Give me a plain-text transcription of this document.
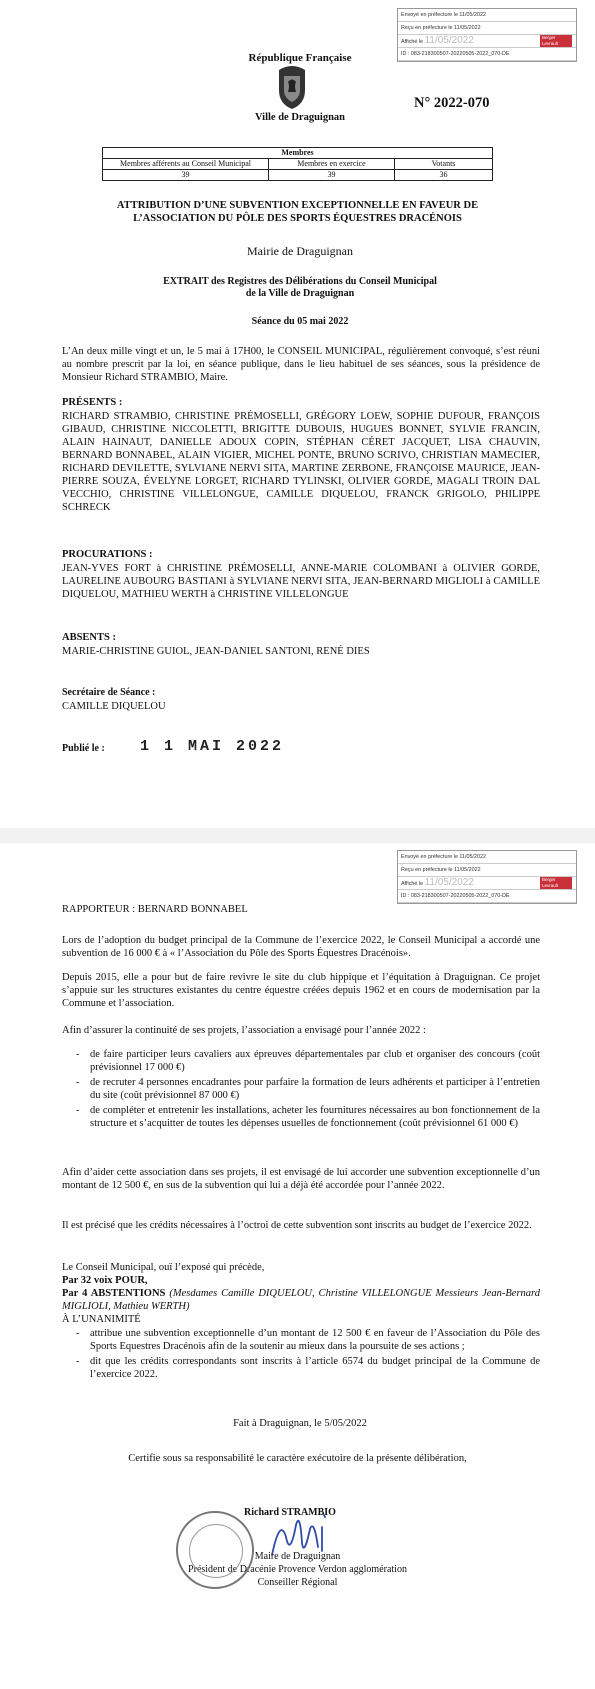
Envoyé en préfecture le 11/05/2022
Reçu en préfecture le 11/05/2022
Affiché le 11/05/2022
ID : 083-218300507-20220505-2022_070-DE
Berger Levrault
République Française
Ville de Draguignan
N° 2022-070
Membres		
Membres afférents au Conseil Municipal	Membres en exercice	Votants
39	39	36
ATTRIBUTION D’UNE SUBVENTION EXCEPTIONNELLE EN FAVEUR DE
L’ASSOCIATION DU PÔLE DES SPORTS ÉQUESTRES DRACÉNOIS
Mairie de Draguignan
EXTRAIT des Registres des Délibérations du Conseil Municipal
de la Ville de Draguignan
Séance du 05 mai 2022
L’An deux mille vingt et un, le 5 mai à 17H00, le CONSEIL MUNICIPAL, régulièrement convoqué, s’est réuni au nombre prescrit par la loi, en séance publique, dans le lieu habituel de ses séances, sous la présidence de Monsieur Richard STRAMBIO, Maire.
PRÉSENTS :
RICHARD STRAMBIO, CHRISTINE PRÉMOSELLI, GRÉGORY LOEW, SOPHIE DUFOUR, FRANÇOIS GIBAUD, CHRISTINE NICCOLETTI, BRIGITTE DUBOUIS, HUGUES BONNET, SYLVIE FRANCIN, ALAIN HAINAUT, DANIELLE ADOUX COPIN, STÉPHAN CÉRET JACQUET, LISA CHAUVIN, BERNARD BONNABEL, ALAIN VIGIER, MICHEL PONTE, BRUNO SCRIVO, CHRISTIAN MAMECIER, RICHARD DEVILETTE, SYLVIANE NERVI SITA, MARTINE ZERBONE, FRANÇOISE MAURICE, JEAN-PIERRE SOUZA, ÉVELYNE LORGET, RICHARD TYLINSKI, OLIVIER GORDE, MAGALI TROIN DAL VECCHIO, CHRISTINE VILLELONGUE, CAMILLE DIQUELOU, FRANCK GRIGOLO, PHILIPPE SCHRECK
PROCURATIONS :
JEAN-YVES FORT à CHRISTINE PRÉMOSELLI, ANNE-MARIE COLOMBANI à OLIVIER GORDE, LAURELINE AUBOURG BASTIANI à SYLVIANE NERVI SITA, JEAN-BERNARD MIGLIOLI à CAMILLE DIQUELOU, MATHIEU WERTH à CHRISTINE VILLELONGUE
ABSENTS :
MARIE-CHRISTINE GUIOL, JEAN-DANIEL SANTONI, RENÉ DIES
Secrétaire de Séance :
CAMILLE DIQUELOU
Publié le : 1 1 MAI 2022
Envoyé en préfecture le 11/05/2022
Reçu en préfecture le 11/05/2022
Affiché le 11/05/2022
ID : 083-218300507-20220505-2022_070-DE
Berger Levrault
RAPPORTEUR : BERNARD BONNABEL
Lors de l’adoption du budget principal de la Commune de l’exercice 2022, le Conseil Municipal a accordé une subvention de 16 000 € à « l’Association du Pôle des Sports Équestres Dracénois».
Depuis 2015, elle a pour but de faire revivre le site du club hippique et l’équitation à Draguignan. Ce projet s’appuie sur les structures existantes du centre équestre créées depuis 1962 et en cours de modernisation par la Commune et l’association.
Afin d’assurer la continuité de ses projets, l’association a envisagé pour l’année 2022 :
- de faire participer leurs cavaliers aux épreuves départementales par club et organiser des concours (coût prévisionnel 17 000 €)
- de recruter 4 personnes encadrantes pour parfaire la formation de leurs adhérents et participer à l’entretien du site (coût prévisionnel 87 000 €)
- de compléter et entretenir les installations, acheter les fournitures nécessaires au bon fonctionnement de la structure et s’acquitter de toutes les dépenses usuelles de fonctionnement (coût prévisionnel 61 000 €)
Afin d’aider cette association dans ses projets, il est envisagé de lui accorder une subvention exceptionnelle d’un montant de 12 500 €, en sus de la subvention qui lui a déjà été accordée pour l’année 2022.
Il est précisé que les crédits nécessaires à l’octroi de cette subvention sont inscrits au budget de l’exercice 2022.
Le Conseil Municipal, ouï l’exposé qui précède,
Par 32 voix POUR,
Par 4 ABSTENTIONS (Mesdames Camille DIQUELOU, Christine VILLELONGUE Messieurs Jean-Bernard MIGLIOLI, Mathieu WERTH)
À L’UNANIMITÉ
- attribue une subvention exceptionnelle d’un montant de 12 500 € en faveur de l’Association du Pôle des Sports Equestres Dracénois afin de la soutenir au mieux dans la poursuite de ses actions ;
- dit que les crédits correspondants sont inscrits à l’article 6574 du budget principal de la Commune de l’exercice 2022.
Fait à Draguignan, le 5/05/2022
Certifie sous sa responsabilité le caractère exécutoire de la présente délibération,
Richard STRAMBIO
Maire de Draguignan
Président de Dracénie Provence Verdon agglomération
Conseiller Régional
